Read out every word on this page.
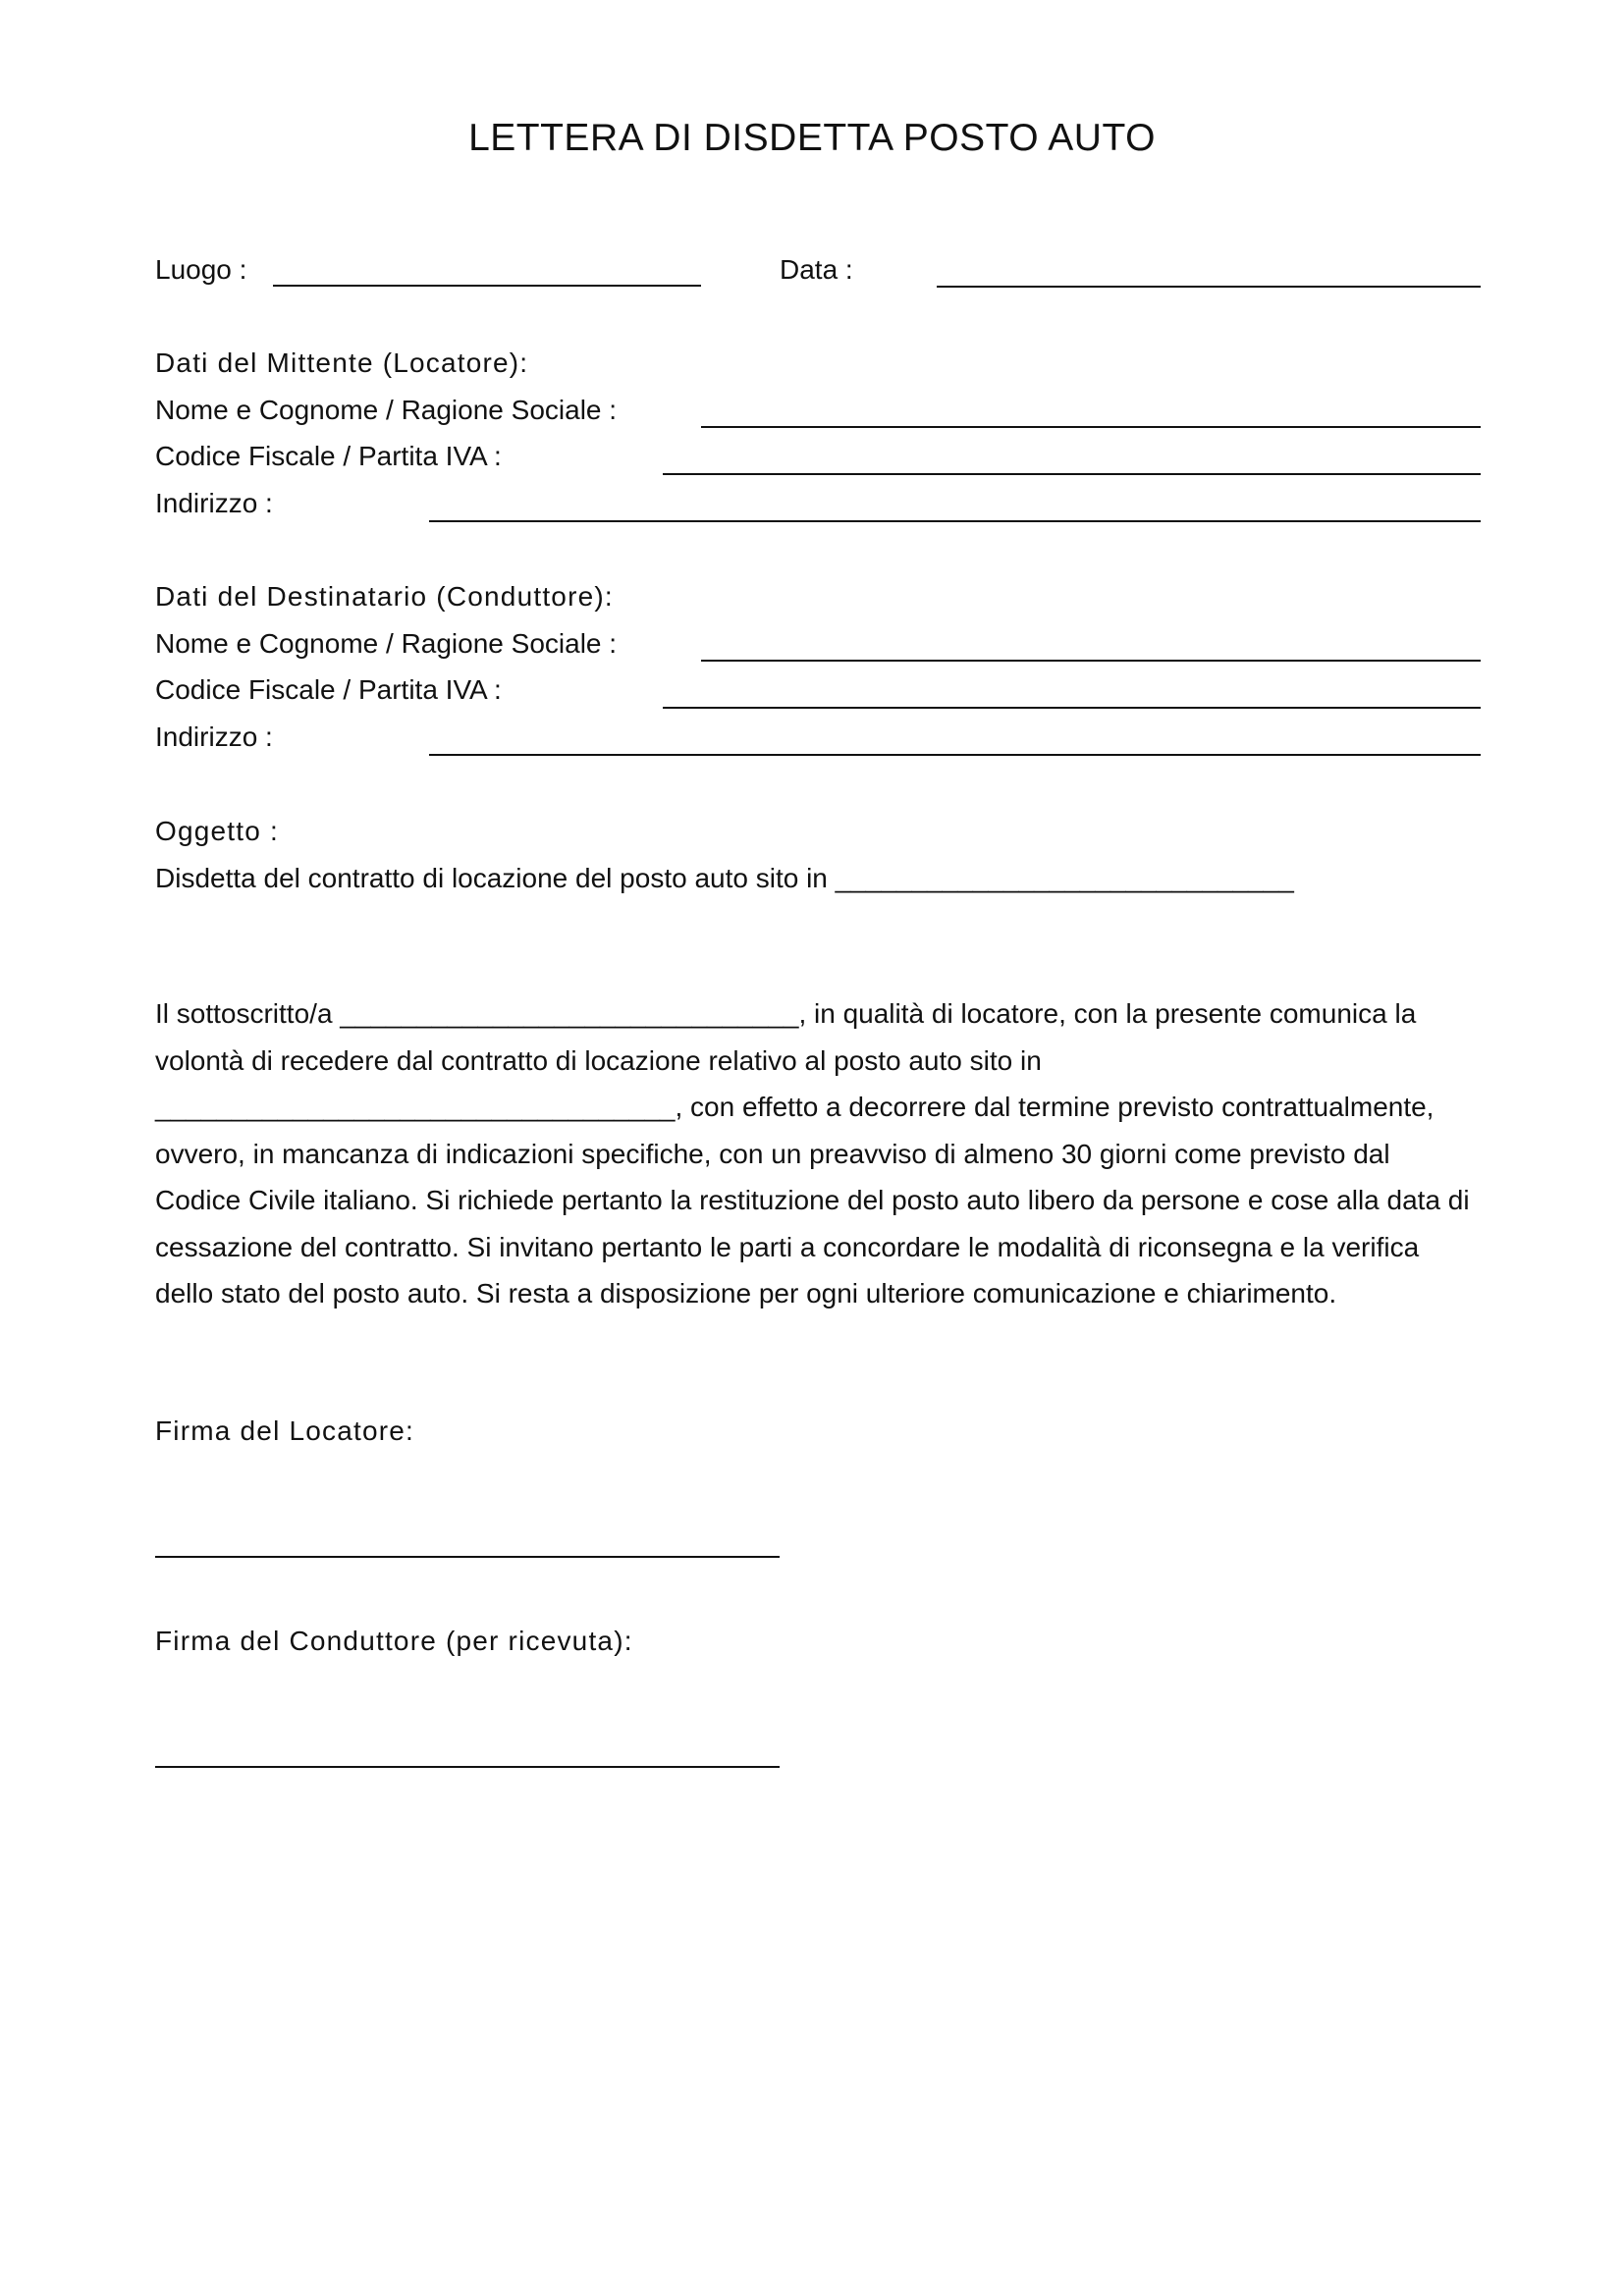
LETTERA DI DISDETTA POSTO AUTO
Luogo :	Data :
Dati del Mittente (Locatore):
Nome e Cognome / Ragione Sociale :
Codice Fiscale / Partita IVA :
Indirizzo :
Dati del Destinatario (Conduttore):
Nome e Cognome / Ragione Sociale :
Codice Fiscale / Partita IVA :
Indirizzo :
Oggetto :
Disdetta del contratto di locazione del posto auto sito in ______________________________
Il sottoscritto/a ______________________________, in qualità di locatore, con la presente comunica la
volontà di recedere dal contratto di locazione relativo al posto auto sito in
__________________________________, con effetto a decorrere dal termine previsto contrattualmente,
ovvero, in mancanza di indicazioni specifiche, con un preavviso di almeno 30 giorni come previsto dal
Codice Civile italiano. Si richiede pertanto la restituzione del posto auto libero da persone e cose alla data di
cessazione del contratto. Si invitano pertanto le parti a concordare le modalità di riconsegna e la verifica
dello stato del posto auto. Si resta a disposizione per ogni ulteriore comunicazione e chiarimento.
Firma del Locatore:
Firma del Conduttore (per ricevuta):
